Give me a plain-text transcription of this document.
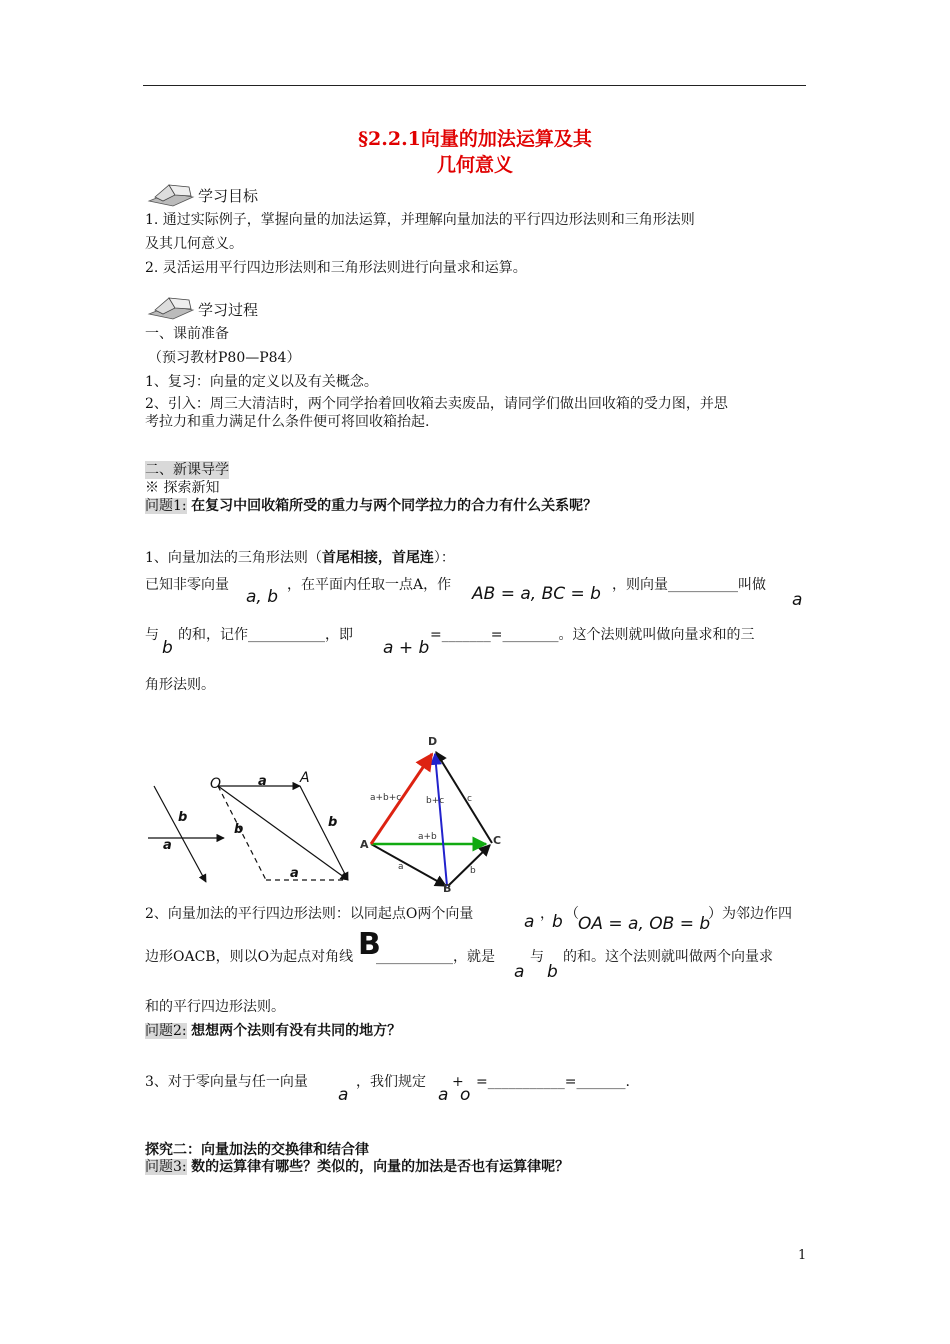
§2.2.1向量的加法运算及其
几何意义
学习目标
1. 通过实际例子，掌握向量的加法运算，并理解向量加法的平行四边形法则和三角形法则
及其几何意义。
2. 灵活运用平行四边形法则和三角形法则进行向量求和运算。
学习过程
一、课前准备
（预习教材P80—P84）
1、复习：向量的定义以及有关概念。
2、引入：周三大清洁时，两个同学抬着回收箱去卖废品，请同学们做出回收箱的受力图，并思
考拉力和重力满足什么条件便可将回收箱抬起.
二、新课导学
※ 探索新知
问题1: 在复习中回收箱所受的重力与两个同学拉力的合力有什么关系呢？
1、向量加法的三角形法则（首尾相接，首尾连）：
已知非零向量
a, b
，在平面内任取一点A，作 AB = a, BC = b ，则向量__________叫做
a
与
b
的和，记作___________，即
a + b
=_______=________。这个法则就叫做向量求和的三
角形法则。
O	A
a
b
b
a
b
a
D
A
B
C
a+b+c	b+c
a+b
a	b
c
2、向量加法的平行四边形法则：以同起点O两个向量	a ，
b （ OA = a, OB = b
）为邻边作四
边形OACB，则以O为起点对角线 B
___________，就是
a
与
b
的和。这个法则就叫做两个向量求
和的平行四边形法则。
问题2: 想想两个法则有没有共同的地方？
3、对于零向量与任一向量
a
，我们规定 +
a o
=___________=_______.
探究二：向量加法的交换律和结合律
问题3: 数的运算律有哪些？类似的，向量的加法是否也有运算律呢？
1
